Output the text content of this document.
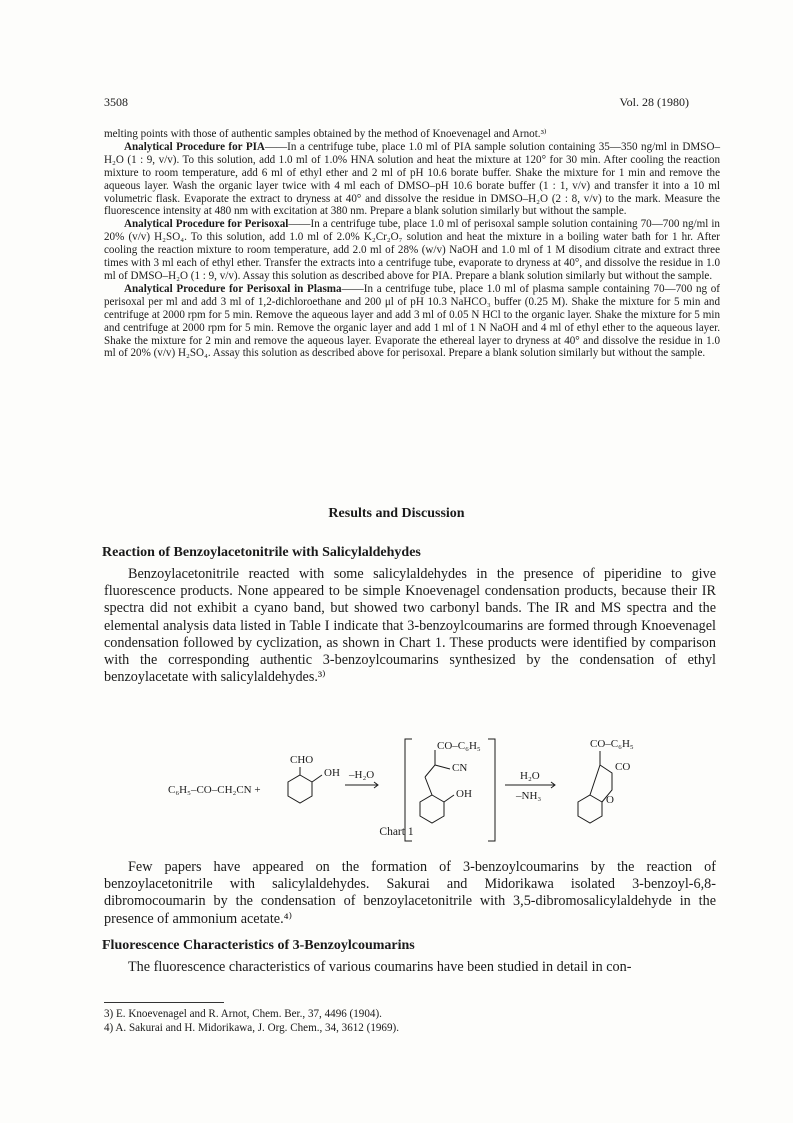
3508	Vol. 28 (1980)

melting points with those of authentic samples obtained by the method of Knoevenagel and Arnot.³⁾

Analytical Procedure for PIA——In a centrifuge tube, place 1.0 ml of PIA sample solution containing 35—350 ng/ml in DMSO–H₂O (1 : 9, v/v). To this solution, add 1.0 ml of 1.0% HNA solution and heat the mixture at 120° for 30 min. After cooling the reaction mixture to room temperature, add 6 ml of ethyl ether and 2 ml of pH 10.6 borate buffer. Shake the mixture for 1 min and remove the aqueous layer. Wash the organic layer twice with 4 ml each of DMSO–pH 10.6 borate buffer (1 : 1, v/v) and transfer it into a 10 ml volumetric flask. Evaporate the extract to dryness at 40° and dissolve the residue in DMSO–H₂O (2 : 8, v/v) to the mark. Measure the fluorescence intensity at 480 nm with excitation at 380 nm. Prepare a blank solution similarly but without the sample.

Analytical Procedure for Perisoxal——In a centrifuge tube, place 1.0 ml of perisoxal sample solution containing 70—700 ng/ml in 20% (v/v) H₂SO₄. To this solution, add 1.0 ml of 2.0% K₂Cr₂O₇ solution and heat the mixture in a boiling water bath for 1 hr. After cooling the reaction mixture to room temperature, add 2.0 ml of 28% (w/v) NaOH and 1.0 ml of 1 M disodium citrate and extract three times with 3 ml each of ethyl ether. Transfer the extracts into a centrifuge tube, evaporate to dryness at 40°, and dissolve the residue in 1.0 ml of DMSO–H₂O (1 : 9, v/v). Assay this solution as described above for PIA. Prepare a blank solution similarly but without the sample.

Analytical Procedure for Perisoxal in Plasma——In a centrifuge tube, place 1.0 ml of plasma sample containing 70—700 ng of perisoxal per ml and add 3 ml of 1,2-dichloroethane and 200 μl of pH 10.3 NaHCO₃ buffer (0.25 M). Shake the mixture for 5 min and centrifuge at 2000 rpm for 5 min. Remove the aqueous layer and add 3 ml of 0.05 N HCl to the organic layer. Shake the mixture for 5 min and centrifuge at 2000 rpm for 5 min. Remove the organic layer and add 1 ml of 1 N NaOH and 4 ml of ethyl ether to the aqueous layer. Shake the mixture for 2 min and remove the aqueous layer. Evaporate the ethereal layer to dryness at 40° and dissolve the residue in 1.0 ml of 20% (v/v) H₂SO₄. Assay this solution as described above for perisoxal. Prepare a blank solution similarly but without the sample.

Results and Discussion
Reaction of Benzoylacetonitrile with Salicylaldehydes

Benzoylacetonitrile reacted with some salicylaldehydes in the presence of piperidine to give fluorescence products. None appeared to be simple Knoevenagel condensation products, because their IR spectra did not exhibit a cyano band, but showed two carbonyl bands. The IR and MS spectra and the elemental analysis data listed in Table I indicate that 3-benzoylcoumarins are formed through Knoevenagel condensation followed by cyclization, as shown in Chart 1. These products were identified by comparison with the corresponding authentic 3-benzoylcoumarins synthesized by the condensation of ethyl benzoylacetate with salicylaldehydes.³⁾

C₆H₅–CO–CH₂CN +
CHO
OH –H₂O
CO–C₆H₅
CN
OH
H₂O
–NH₃
CO–C₆H₅
CO
O
Chart 1

Few papers have appeared on the formation of 3-benzoylcoumarins by the reaction of benzoylacetonitrile with salicylaldehydes. Sakurai and Midorikawa isolated 3-benzoyl-6,8-dibromocoumarin by the condensation of benzoylacetonitrile with 3,5-dibromosalicylaldehyde in the presence of ammonium acetate.⁴⁾

Fluorescence Characteristics of 3-Benzoylcoumarins

The fluorescence characteristics of various coumarins have been studied in detail in con-

3) E. Knoevenagel and R. Arnot, Chem. Ber., 37, 4496 (1904).
4) A. Sakurai and H. Midorikawa, J. Org. Chem., 34, 3612 (1969).
